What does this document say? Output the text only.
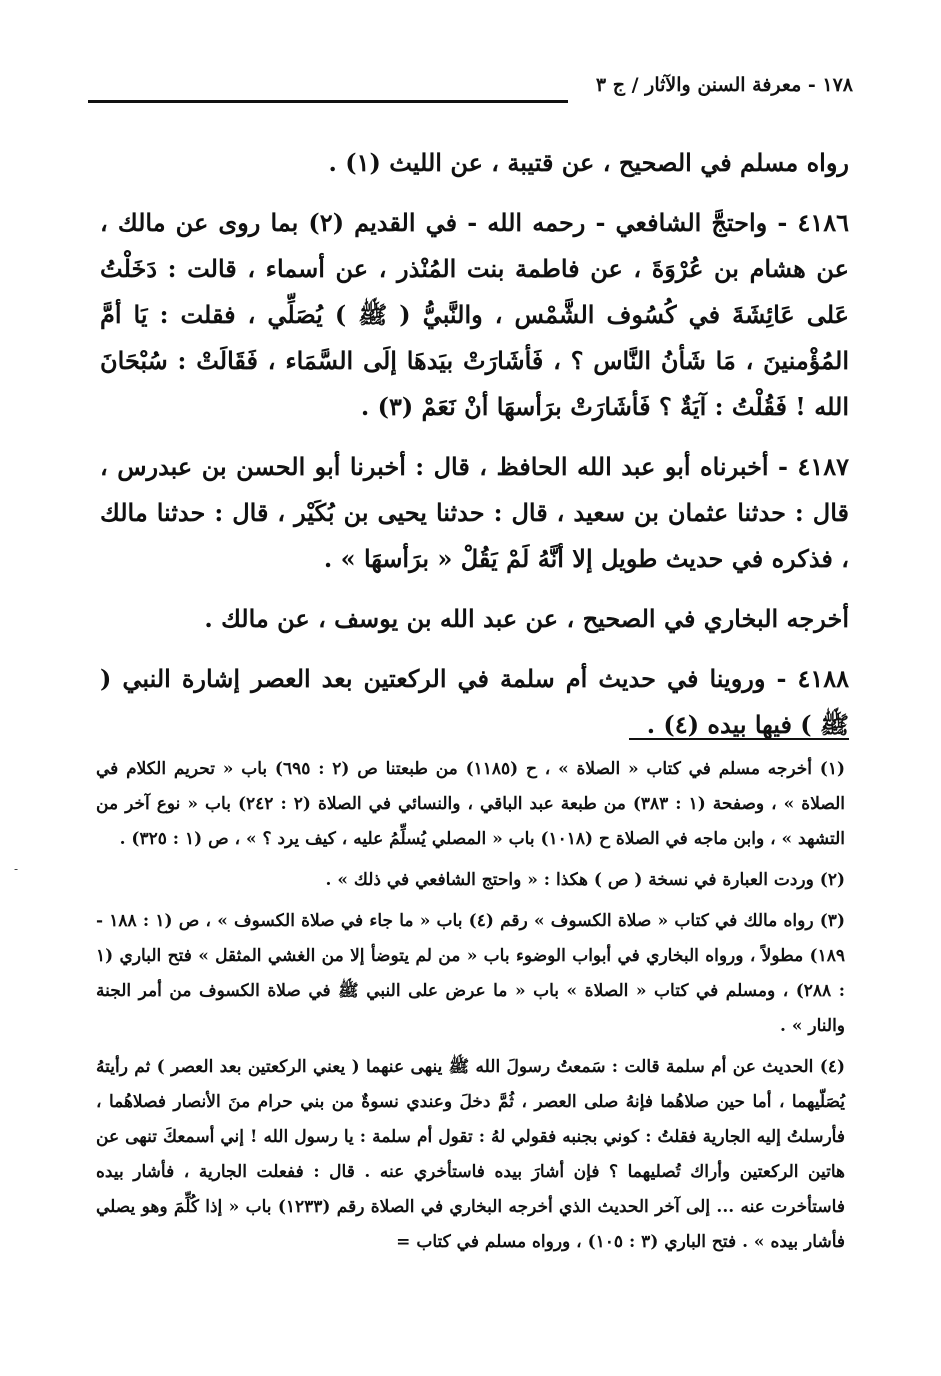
١٧٨ - معرفة السنن والآثار / ج ٣

رواه مسلم في الصحيح ، عن قتيبة ، عن الليث (١) .

٤١٨٦ - واحتجَّ الشافعي - رحمه الله - في القديم (٢) بما روى عن مالك ، عن هشام بن عُرْوَةَ ، عن فاطمة بنت المُنْذر ، عن أسماء ، قالت : دَخَلْتُ عَلى عَائِشَةَ في كُسُوف الشَّمْس ، والنَّبيُّ ( ﷺ ) يُصَلِّي ، فقلت : يَا أمَّ المُؤْمنينَ ، مَا شَأنُ النَّاس ؟ ، فَأشَارَتْ بيَدهَا إلَى السَّمَاء ، فَقَالَتْ : سُبْحَانَ الله ! فَقُلْتُ : آيَةٌ ؟ فَأشَارَتْ برَأسهَا أنْ نَعَمْ (٣) .

٤١٨٧ - أخبرناه أبو عبد الله الحافظ ، قال : أخبرنا أبو الحسن بن عبدرس ، قال : حدثنا عثمان بن سعيد ، قال : حدثنا يحيى بن بُكَيْر ، قال : حدثنا مالك ، فذكره في حديث طويل إلا أنَّهُ لَمْ يَقُلْ « برَأسهَا » .

أخرجه البخاري في الصحيح ، عن عبد الله بن يوسف ، عن مالك .

٤١٨٨ - وروينا في حديث أم سلمة في الركعتين بعد العصر إشارة النبي ( ﷺ ) فيها بيده (٤) .

(١) أخرجه مسلم في كتاب « الصلاة » ، ح (١١٨٥) من طبعتنا ص (٢ : ٦٩٥) باب « تحريم الكلام في الصلاة » ، وصفحة (١ : ٣٨٣) من طبعة عبد الباقي ، والنسائي في الصلاة (٢ : ٢٤٢) باب « نوع آخر من التشهد » ، وابن ماجه في الصلاة ح (١٠١٨) باب « المصلي يُسلِّمُ عليه ، كيف يرد ؟ » ، ص (١ : ٣٢٥) .

(٢) وردت العبارة في نسخة ( ص ) هكذا : « واحتج الشافعي في ذلك » .

(٣) رواه مالك في كتاب « صلاة الكسوف » رقم (٤) باب « ما جاء في صلاة الكسوف » ، ص (١ : ١٨٨ - ١٨٩) مطولاً ، ورواه البخاري في أبواب الوضوء باب « من لم يتوضأ إلا من الغشي المثقل » فتح الباري (١ : ٢٨٨) ، ومسلم في كتاب « الصلاة » باب « ما عرض على النبي ﷺ في صلاة الكسوف من أمر الجنة والنار » .

(٤) الحديث عن أم سلمة قالت : سَمعتُ رسولَ الله ﷺ ينهى عنهما ( يعني الركعتين بعد العصر ) ثم رأيتهُ يُصَلّيهما ، أما حين صلاهُما فإنهُ صلى العصر ، ثُمَّ دخلَ وعندي نسوةٌ من بني حرام منَ الأنصار فصلاهُما ، فأرسلتُ إليه الجارية فقلتُ : كوني بجنبه فقولي لهُ : تقول أم سلمة : يا رسول الله ! إني أسمعكَ تنهى عن هاتين الركعتين وأراك تُصليهما ؟ فإن أشارَ بيده فاستأخري عنه . قال : ففعلت الجارية ، فأشار بيده فاستأخرت عنه ... إلى آخر الحديث الذي أخرجه البخاري في الصلاة رقم (١٢٣٣) باب « إذا كُلِّمَ وهو يصلي فأشار بيده » . فتح الباري (٣ : ١٠٥) ، ورواه مسلم في كتاب =

-
